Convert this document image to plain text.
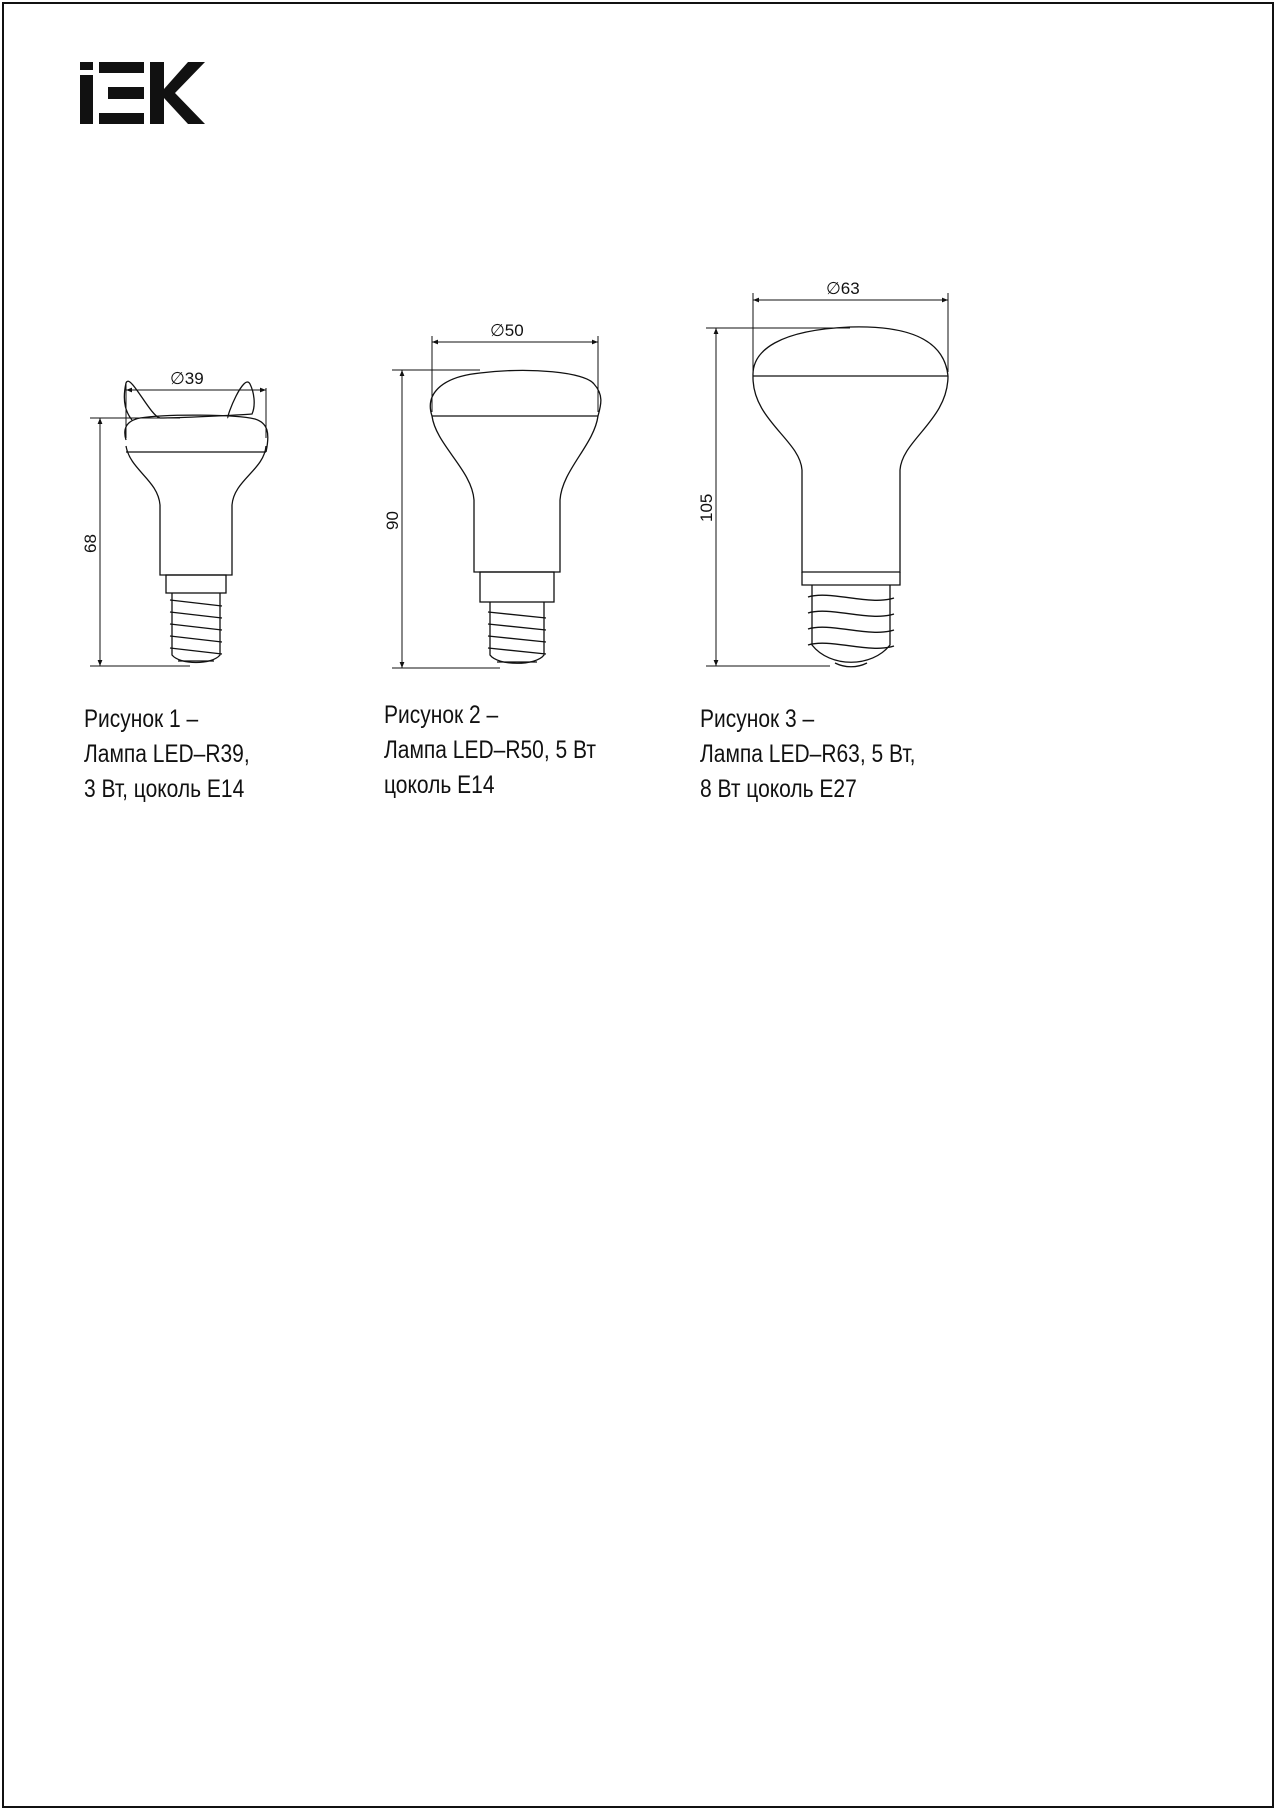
∅39
68
∅50
90
∅63
105

Рисунок 1 –
Лампа LED–R39,
3 Вт, цоколь Е14

Рисунок 2 –
Лампа LED–R50, 5 Вт
цоколь Е14

Рисунок 3 –
Лампа LED–R63, 5 Вт,
8 Вт цоколь Е27
